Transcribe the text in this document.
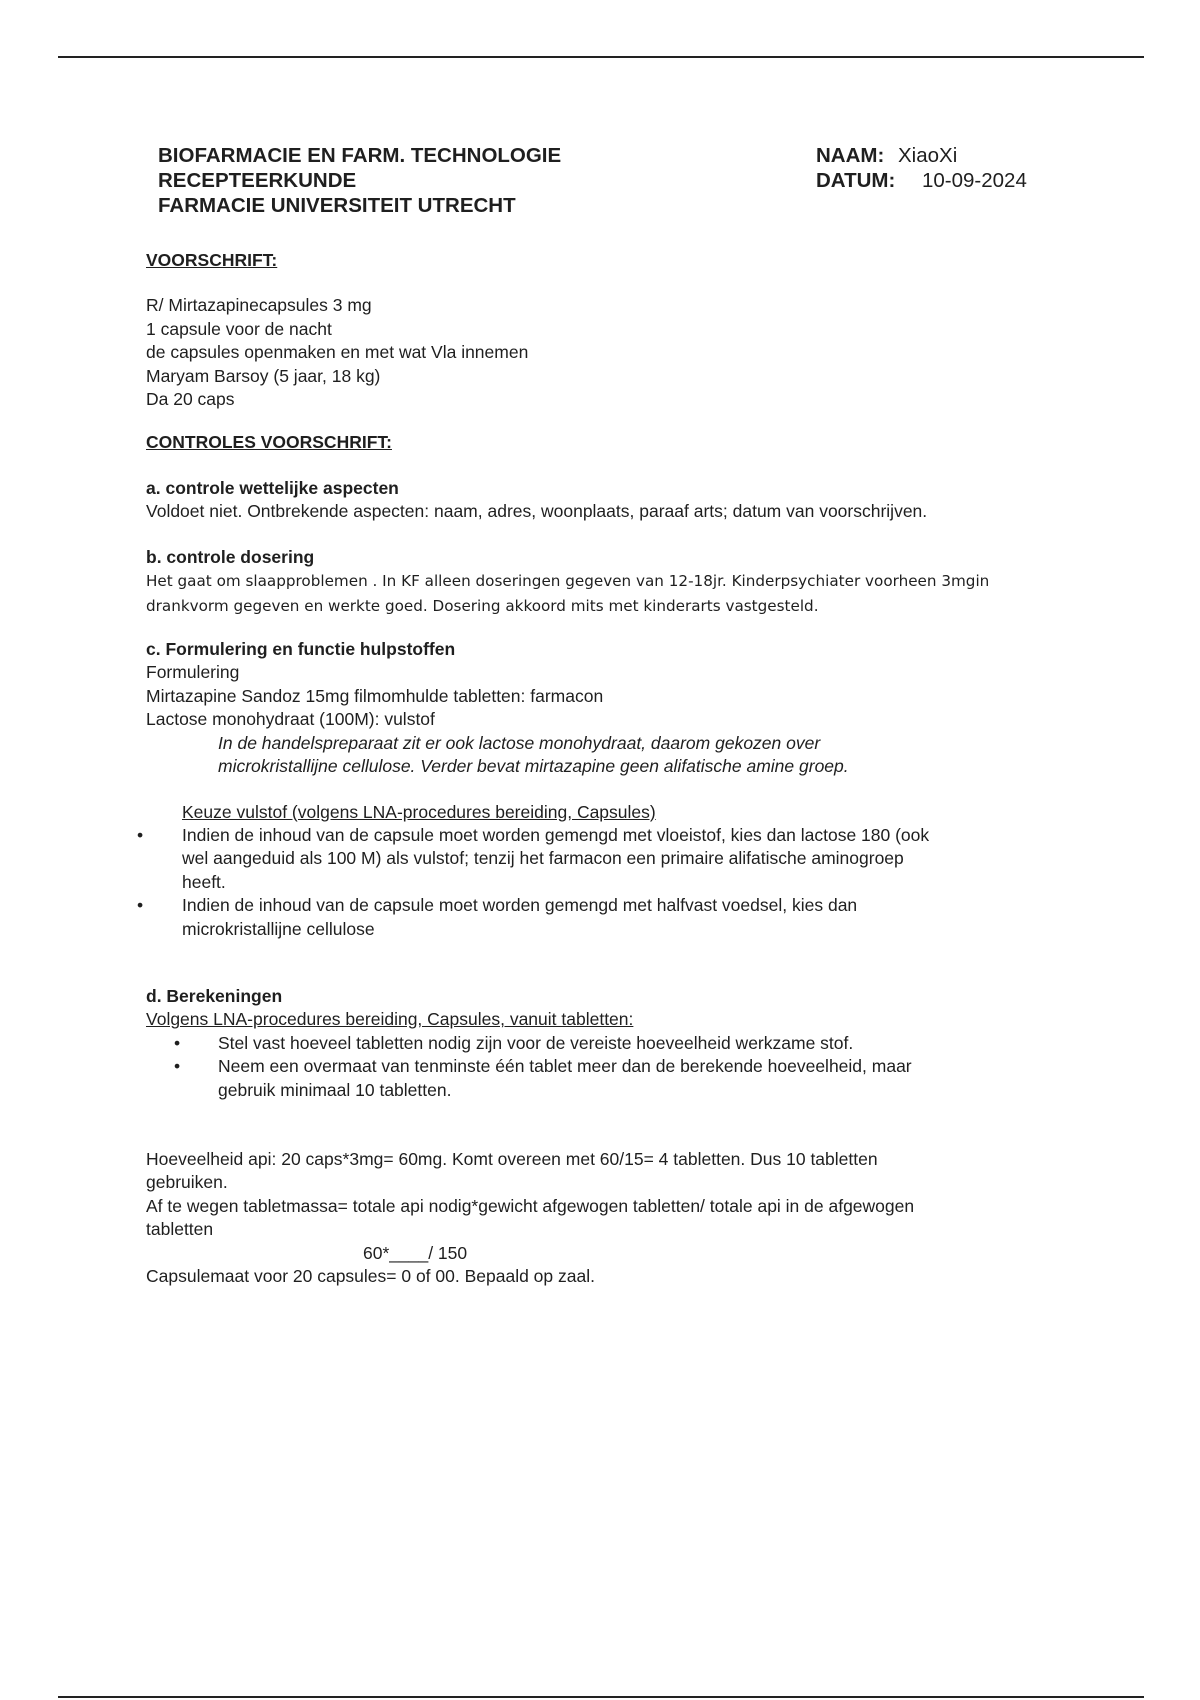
BIOFARMACIE EN FARM. TECHNOLOGIE
RECEPTEERKUNDE
FARMACIE UNIVERSITEIT UTRECHT
NAAM: XiaoXi
DATUM: 10-09-2024
VOORSCHRIFT:
R/ Mirtazapinecapsules 3 mg
1 capsule voor de nacht
de capsules openmaken en met wat Vla innemen
Maryam Barsoy (5 jaar, 18 kg)
Da 20 caps
CONTROLES VOORSCHRIFT:
a. controle wettelijke aspecten
Voldoet niet. Ontbrekende aspecten: naam, adres, woonplaats, paraaf arts; datum van voorschrijven.
b. controle dosering
Het gaat om slaapproblemen . In KF alleen doseringen gegeven van 12-18jr. Kinderpsychiater voorheen 3mgin
drankvorm gegeven en werkte goed. Dosering akkoord mits met kinderarts vastgesteld.
c. Formulering en functie hulpstoffen
Formulering
Mirtazapine Sandoz 15mg filmomhulde tabletten: farmacon
Lactose monohydraat (100M): vulstof
In de handelspreparaat zit er ook lactose monohydraat, daarom gekozen over
microkristallijne cellulose. Verder bevat mirtazapine geen alifatische amine groep.
Keuze vulstof (volgens LNA-procedures bereiding, Capsules)
• Indien de inhoud van de capsule moet worden gemengd met vloeistof, kies dan lactose 180 (ook
wel aangeduid als 100 M) als vulstof; tenzij het farmacon een primaire alifatische aminogroep
heeft.
• Indien de inhoud van de capsule moet worden gemengd met halfvast voedsel, kies dan
microkristallijne cellulose
d. Berekeningen
Volgens LNA-procedures bereiding, Capsules, vanuit tabletten:
• Stel vast hoeveel tabletten nodig zijn voor de vereiste hoeveelheid werkzame stof.
• Neem een overmaat van tenminste één tablet meer dan de berekende hoeveelheid, maar
gebruik minimaal 10 tabletten.
Hoeveelheid api: 20 caps*3mg= 60mg. Komt overeen met 60/15= 4 tabletten. Dus 10 tabletten
gebruiken.
Af te wegen tabletmassa= totale api nodig*gewicht afgewogen tabletten/ totale api in de afgewogen
tabletten
60*____/ 150
Capsulemaat voor 20 capsules= 0 of 00. Bepaald op zaal.
